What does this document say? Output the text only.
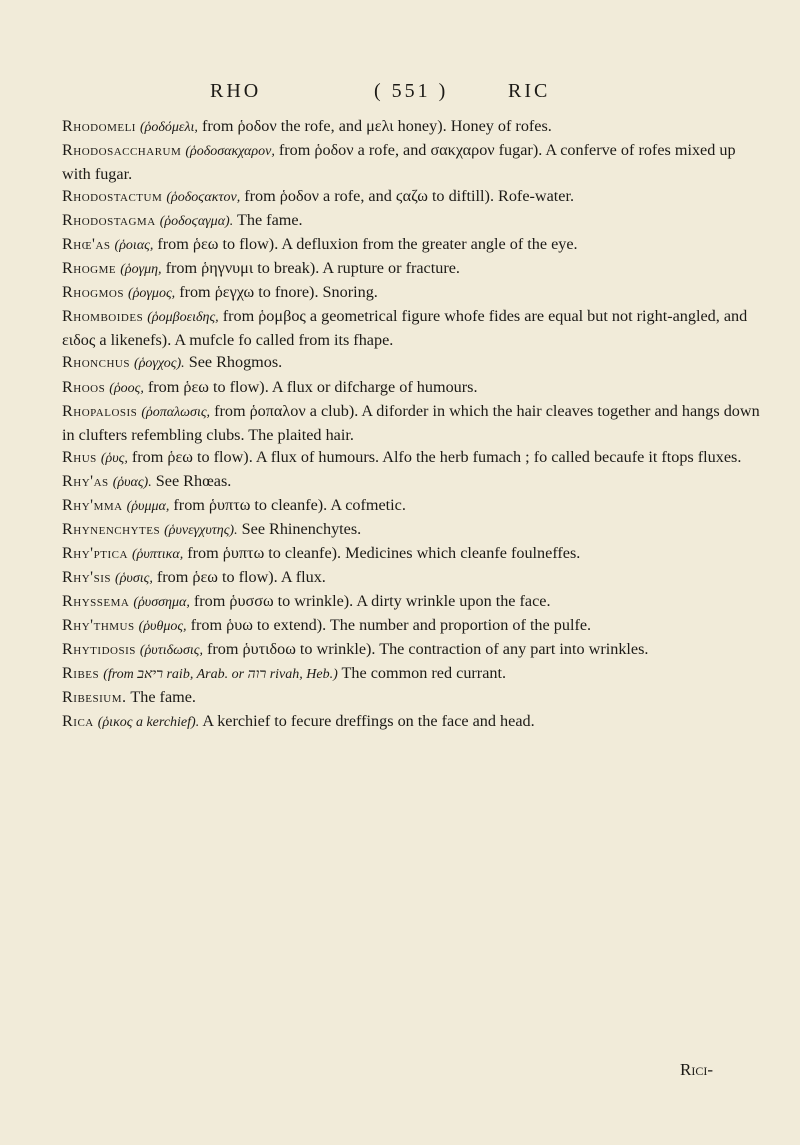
RHO	( 551 )	RIC

Rhodomeli (ῥοδόμελι, from ῥοδον the rofe, and μελι honey). Honey of rofes.

Rhodosaccharum (ῥοδοσακχαρον, from ῥοδον a rofe, and σακχαρον fugar). A conferve of rofes mixed up with fugar.

Rhodostactum (ῥοδοϛακτον, from ῥοδον a rofe, and ϛαζω to diftill). Rofe-water.

Rhodostagma (ῥοδοϛαγμα). The fame.

Rhœ'as (ῥοιας, from ῥεω to flow). A defluxion from the greater angle of the eye.

Rhogme (ῥογμη, from ῥηγνυμι to break). A rupture or fracture.

Rhogmos (ῥογμος, from ῥεγχω to fnore). Snoring.

Rhomboides (ῥομβοειδης, from ῥομβος a geometrical figure whofe fides are equal but not right-angled, and ειδος a likenefs). A mufcle fo called from its fhape.

Rhonchus (ῥογχος). See Rhogmos.

Rhoos (ῥοος, from ῥεω to flow). A flux or difcharge of humours.

Rhopalosis (ῥοπαλωσις, from ῥοπαλον a club). A diforder in which the hair cleaves together and hangs down in clufters refembling clubs. The plaited hair.

Rhus (ῥυς, from ῥεω to flow). A flux of humours. Alfo the herb fumach ; fo called becaufe it ftops fluxes.

Rhy'as (ῥυας). See Rhœas.

Rhy'mma (ῥυμμα, from ῥυπτω to cleanfe). A cofmetic.

Rhynenchytes (ῥυνεγχυτης). See Rhinenchytes.

Rhy'ptica (ῥυπτικα, from ῥυπτω to cleanfe). Medicines which cleanfe foulneffes.

Rhy'sis (ῥυσις, from ῥεω to flow). A flux.

Rhyssema (ῥυσσημα, from ῥυσσω to wrinkle). A dirty wrinkle upon the face.

Rhy'thmus (ῥυθμος, from ῥυω to extend). The number and proportion of the pulfe.

Rhytidosis (ῥυτιδωσις, from ῥυτιδοω to wrinkle). The contraction of any part into wrinkles.

Ribes (from ריאב raib, Arab. or רוה rivah, Heb.) The common red currant.

Ribesium. The fame.

Rica (ῥικος a kerchief). A kerchief to fecure dreffings on the face and head.

Rici-
